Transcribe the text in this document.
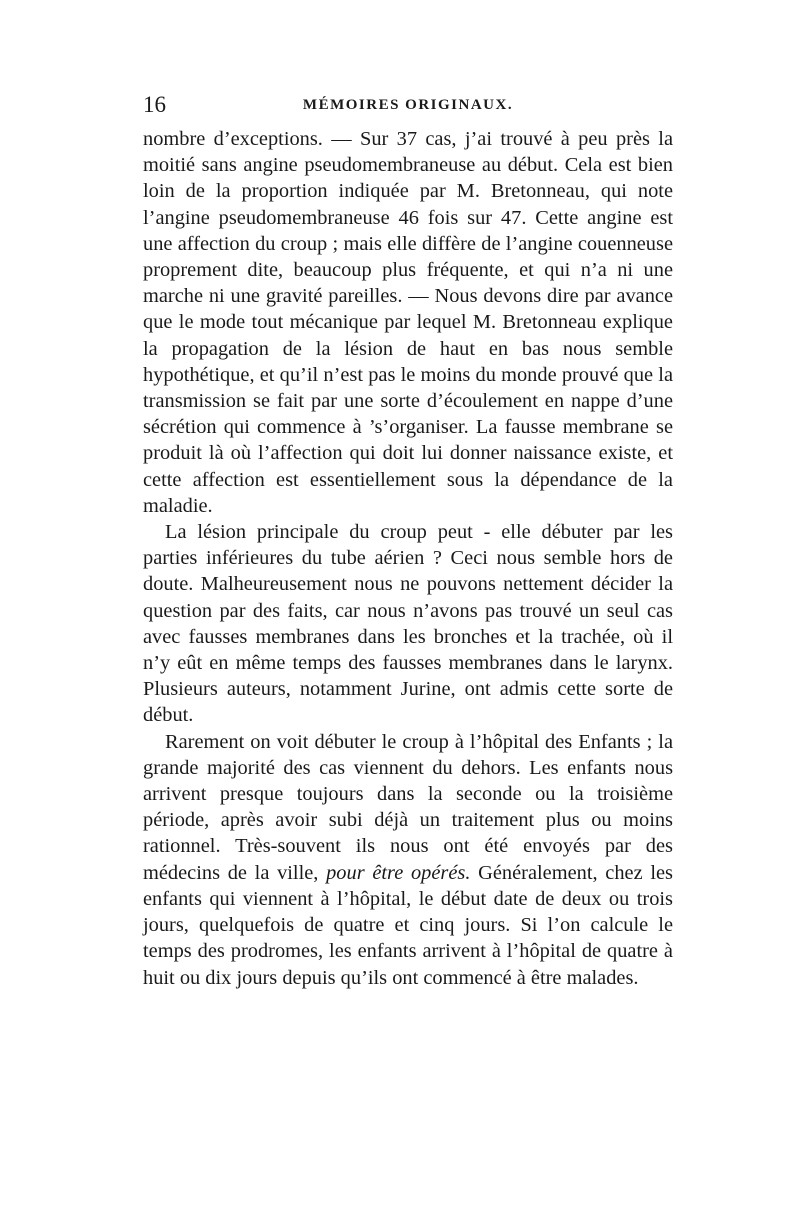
16	MÉMOIRES ORIGINAUX.

nombre d’exceptions. — Sur 37 cas, j’ai trouvé à peu près la moitié sans angine pseudomembraneuse au début. Cela est bien loin de la proportion indiquée par M. Bretonneau, qui note l’angine pseudomembraneuse 46 fois sur 47. Cette angine est une affection du croup ; mais elle diffère de l’angine couenneuse proprement dite, beaucoup plus fréquente, et qui n’a ni une marche ni une gravité pareilles. — Nous devons dire par avance que le mode tout mécanique par lequel M. Bretonneau explique la propagation de la lésion de haut en bas nous semble hypothétique, et qu’il n’est pas le moins du monde prouvé que la transmission se fait par une sorte d’écoulement en nappe d’une sécrétion qui commence à ’s’organiser. La fausse membrane se produit là où l’affection qui doit lui donner naissance existe, et cette affection est essentiellement sous la dépendance de la maladie.

La lésion principale du croup peut - elle débuter par les parties inférieures du tube aérien ? Ceci nous semble hors de doute. Malheureusement nous ne pouvons nettement décider la question par des faits, car nous n’avons pas trouvé un seul cas avec fausses membranes dans les bronches et la trachée, où il n’y eût en même temps des fausses membranes dans le larynx. Plusieurs auteurs, notamment Jurine, ont admis cette sorte de début.

Rarement on voit débuter le croup à l’hôpital des Enfants ; la grande majorité des cas viennent du dehors. Les enfants nous arrivent presque toujours dans la seconde ou la troisième période, après avoir subi déjà un traitement plus ou moins rationnel. Très-souvent ils nous ont été envoyés par des médecins de la ville, pour être opérés. Généralement, chez les enfants qui viennent à l’hôpital, le début date de deux ou trois jours, quelquefois de quatre et cinq jours. Si l’on calcule le temps des prodromes, les enfants arrivent à l’hôpital de quatre à huit ou dix jours depuis qu’ils ont commencé à être malades.
